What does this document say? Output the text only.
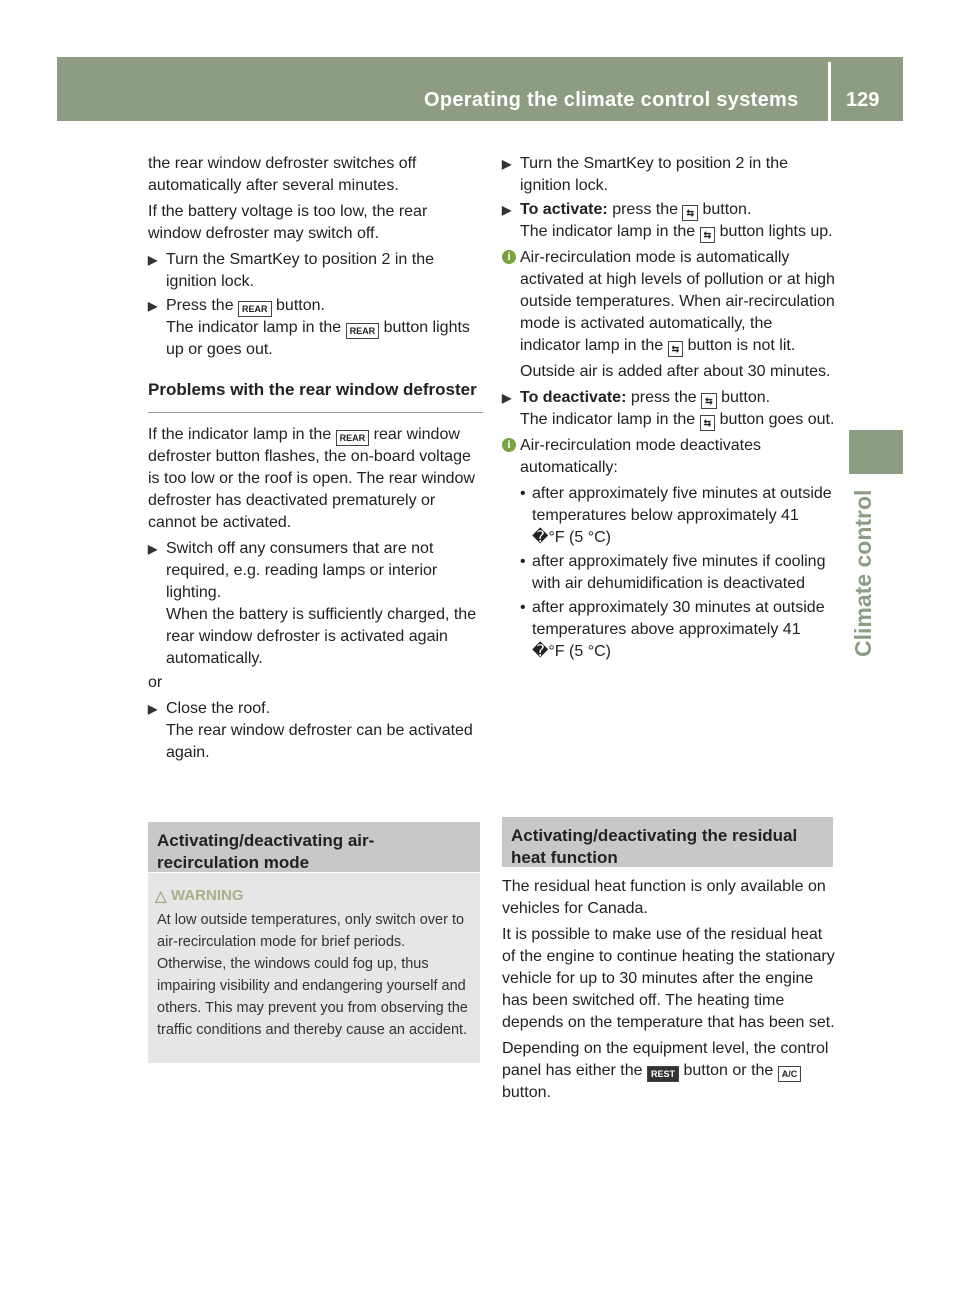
Operating the climate control systems 129
Climate control

the rear window defroster switches off automatically after several minutes.

If the battery voltage is too low, the rear window defroster may switch off.

▶ Turn the SmartKey to position 2 in the ignition lock.
▶ Press the REAR button.
The indicator lamp in the REAR button lights up or goes out.
Problems with the rear window defroster

If the indicator lamp in the REAR rear window defroster button flashes, the on-board voltage is too low or the roof is open. The rear window defroster has deactivated prematurely or cannot be activated.

▶ Switch off any consumers that are not required, e.g. reading lamps or interior lighting.
When the battery is sufficiently charged, the rear window defroster is activated again automatically.

or

▶ Close the roof.
The rear window defroster can be activated again.
Activating/deactivating air-recirculation mode
△ WARNING
At low outside temperatures, only switch over to air-recirculation mode for brief periods. Otherwise, the windows could fog up, thus impairing visibility and endangering yourself and others. This may prevent you from observing the traffic conditions and thereby cause an accident.
▶ Turn the SmartKey to position 2 in the ignition lock.
▶ To activate: press the ⇆ button.
The indicator lamp in the ⇆ button lights up.
i Air-recirculation mode is automatically activated at high levels of pollution or at high outside temperatures. When air-recirculation mode is activated automatically, the indicator lamp in the ⇆ button is not lit.
Outside air is added after about 30 minutes.
▶ To deactivate: press the ⇆ button.
The indicator lamp in the ⇆ button goes out.
i Air-recirculation mode deactivates automatically:
• after approximately five minutes at outside temperatures below approximately 41 �°F (5 °C)
• after approximately five minutes if cooling with air dehumidification is deactivated
• after approximately 30 minutes at outside temperatures above approximately 41 �°F (5 °C)
Activating/deactivating the residual heat function

The residual heat function is only available on vehicles for Canada.

It is possible to make use of the residual heat of the engine to continue heating the stationary vehicle for up to 30 minutes after the engine has been switched off. The heating time depends on the temperature that has been set.

Depending on the equipment level, the control panel has either the REST button or the A/C button.
